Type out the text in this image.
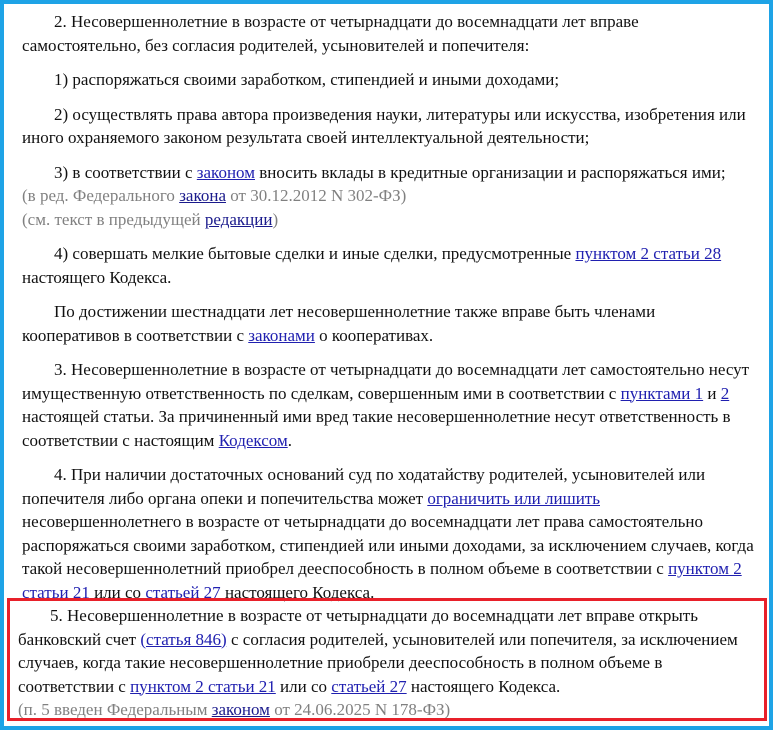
2. Несовершеннолетние в возрасте от четырнадцати до восемнадцати лет вправе самостоятельно, без согласия родителей, усыновителей и попечителя:

1) распоряжаться своими заработком, стипендией и иными доходами;

2) осуществлять права автора произведения науки, литературы или искусства, изобретения или иного охраняемого законом результата своей интеллектуальной деятельности;

3) в соответствии с законом вносить вклады в кредитные организации и распоряжаться ими;

(в ред. Федерального закона от 30.12.2012 N 302-ФЗ)

(см. текст в предыдущей редакции)

4) совершать мелкие бытовые сделки и иные сделки, предусмотренные пунктом 2 статьи 28 настоящего Кодекса.

По достижении шестнадцати лет несовершеннолетние также вправе быть членами кооперативов в соответствии с законами о кооперативах.

3. Несовершеннолетние в возрасте от четырнадцати до восемнадцати лет самостоятельно несут имущественную ответственность по сделкам, совершенным ими в соответствии с пунктами 1 и 2 настоящей статьи. За причиненный ими вред такие несовершеннолетние несут ответственность в соответствии с настоящим Кодексом.

4. При наличии достаточных оснований суд по ходатайству родителей, усыновителей или попечителя либо органа опеки и попечительства может ограничить или лишить несовершеннолетнего в возрасте от четырнадцати до восемнадцати лет права самостоятельно распоряжаться своими заработком, стипендией или иными доходами, за исключением случаев, когда такой несовершеннолетний приобрел дееспособность в полном объеме в соответствии с пунктом 2 статьи 21 или со статьей 27 настоящего Кодекса.

5. Несовершеннолетние в возрасте от четырнадцати до восемнадцати лет вправе открыть банковский счет (статья 846) с согласия родителей, усыновителей или попечителя, за исключением случаев, когда такие несовершеннолетние приобрели дееспособность в полном объеме в соответствии с пунктом 2 статьи 21 или со статьей 27 настоящего Кодекса.

(п. 5 введен Федеральным законом от 24.06.2025 N 178-ФЗ)
